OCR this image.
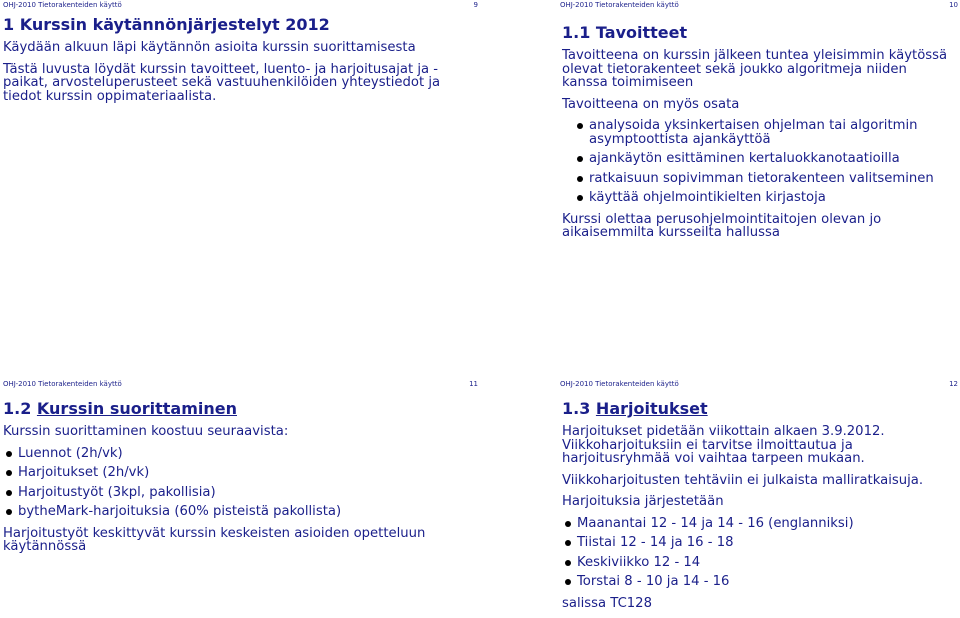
OHJ-2010 Tietorakenteiden käyttö	9
1 Kurssin käytännönjärjestelyt 2012

Käydään alkuun läpi käytännön asioita kurssin suorittamisesta

Tästä luvusta löydät kurssin tavoitteet, luento- ja harjoitusajat ja -paikat, arvosteluperusteet sekä vastuuhenkilöiden yhteystiedot ja tiedot kurssin oppimateriaalista.

OHJ-2010 Tietorakenteiden käyttö	10
1.1 Tavoitteet

Tavoitteena on kurssin jälkeen tuntea yleisimmin käytössä olevat tietorakenteet sekä joukko algoritmeja niiden kanssa toimimiseen

Tavoitteena on myös osata

analysoida yksinkertaisen ohjelman tai algoritmin asymptoottista ajankäyttöä
ajankäytön esittäminen kertaluokkanotaatioilla
ratkaisuun sopivimman tietorakenteen valitseminen
käyttää ohjelmointikielten kirjastoja

Kurssi olettaa perusohjelmointitaitojen olevan jo aikaisemmilta kursseilta hallussa

OHJ-2010 Tietorakenteiden käyttö	11
1.2 Kurssin suorittaminen

Kurssin suorittaminen koostuu seuraavista:

Luennot (2h/vk)
Harjoitukset (2h/vk)
Harjoitustyöt (3kpl, pakollisia)
bytheMark-harjoituksia (60% pisteistä pakollista)

Harjoitustyöt keskittyvät kurssin keskeisten asioiden opetteluun käytännössä

OHJ-2010 Tietorakenteiden käyttö	12
1.3 Harjoitukset

Harjoitukset pidetään viikottain alkaen 3.9.2012. Viikkoharjoituksiin ei tarvitse ilmoittautua ja harjoitusryhmää voi vaihtaa tarpeen mukaan.

Viikkoharjoitusten tehtäviin ei julkaista malliratkaisuja.

Harjoituksia järjestetään

Maanantai 12 - 14 ja 14 - 16 (englanniksi)
Tiistai 12 - 14 ja 16 - 18
Keskiviikko 12 - 14
Torstai 8 - 10 ja 14 - 16

salissa TC128
